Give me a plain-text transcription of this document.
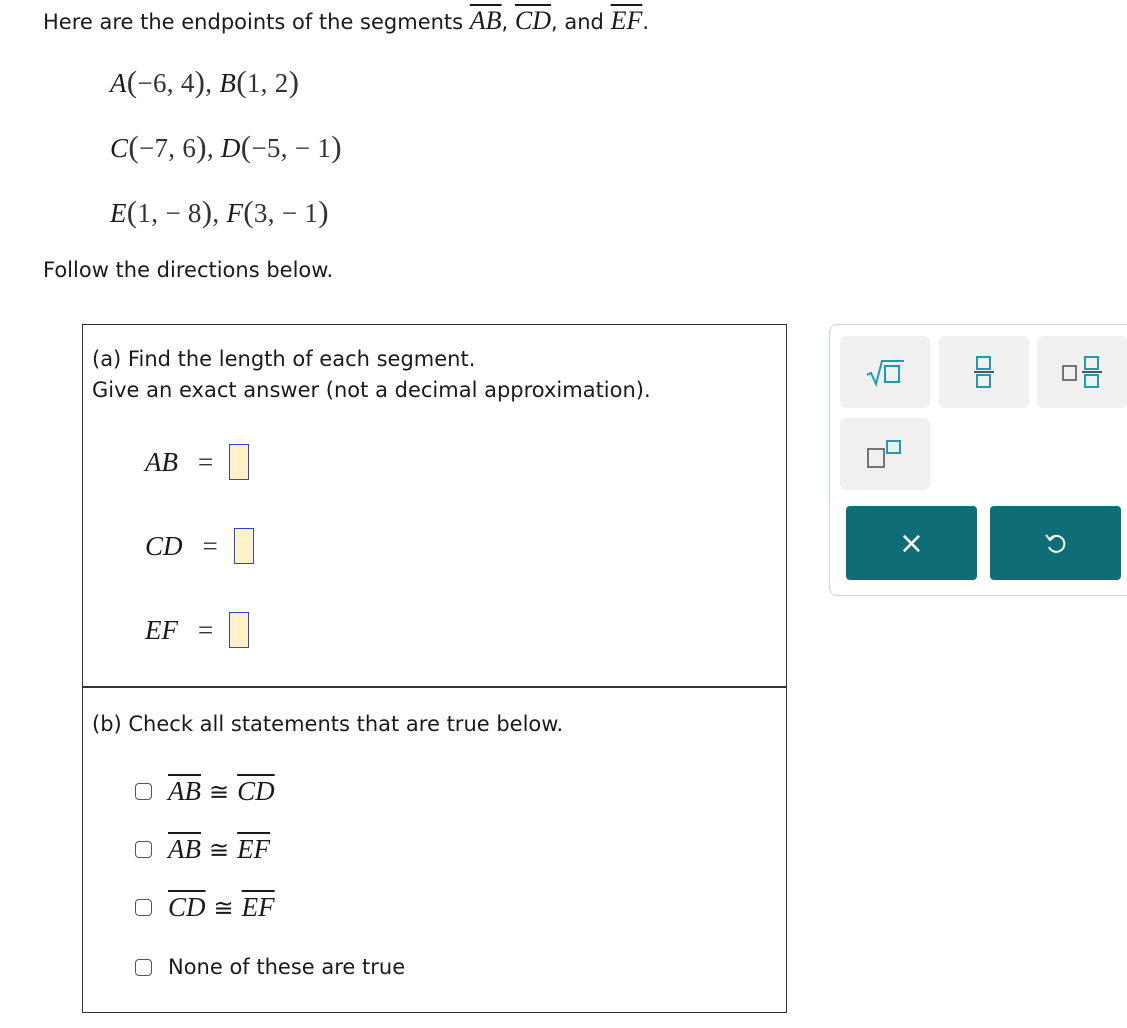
Here are the endpoints of the segments $\overline{AB}$, $\overline{CD}$, and $\overline{EF}$.
A(−6, 4), B(1, 2)
C(−7, 6), D(−5, − 1)
E(1, − 8), F(3, − 1)
Follow the directions below.
(a) Find the length of each segment.
Give an exact answer (not a decimal approximation).
AB =
CD =
EF =
(b) Check all statements that are true below.
$\overline{AB}$ ≅ $\overline{CD}$
$\overline{AB}$ ≅ $\overline{EF}$
$\overline{CD}$ ≅ $\overline{EF}$
None of these are true
×
